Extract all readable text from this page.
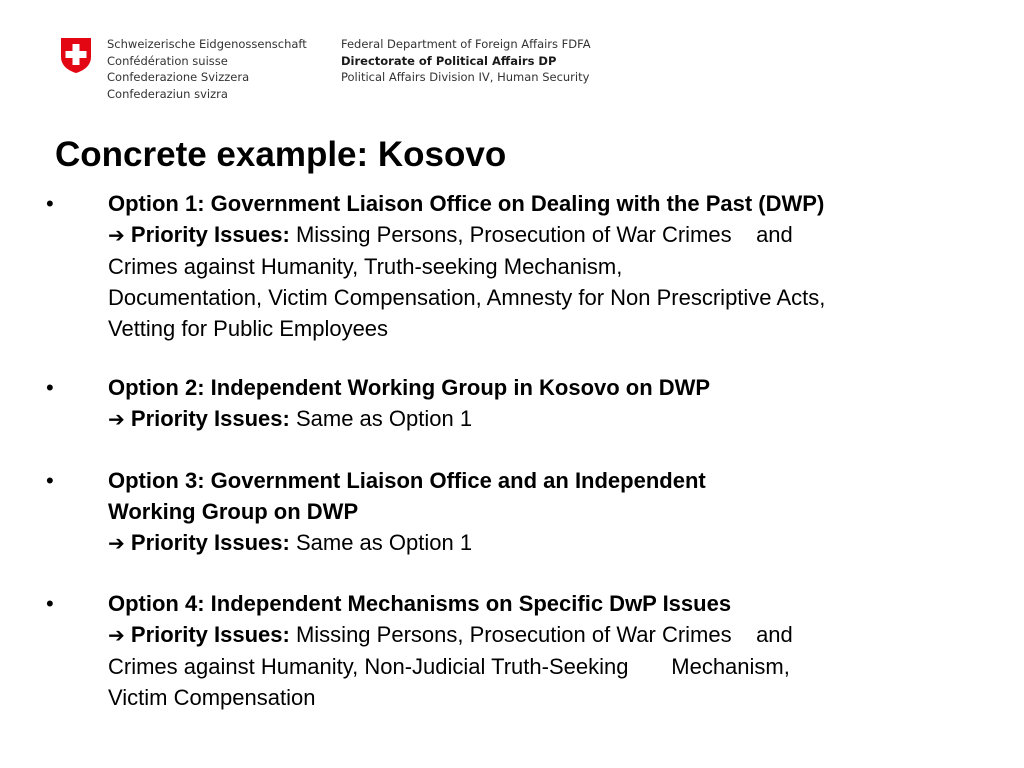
Schweizerische Eidgenossenschaft
Confédération suisse
Confederazione Svizzera
Confederaziun svizra
Federal Department of Foreign Affairs FDFA
Directorate of Political Affairs DP
Political Affairs Division IV, Human Security
Concrete example: Kosovo
• Option 1: Government Liaison Office on Dealing with the Past (DWP)
➔ Priority Issues: Missing Persons, Prosecution of War Crimes    and
Crimes against Humanity, Truth-seeking Mechanism,
Documentation, Victim Compensation, Amnesty for Non Prescriptive Acts,
Vetting for Public Employees
• Option 2: Independent Working Group in Kosovo on DWP
➔ Priority Issues: Same as Option 1
• Option 3: Government Liaison Office and an Independent
Working Group on DWP
➔ Priority Issues: Same as Option 1
• Option 4: Independent Mechanisms on Specific DwP Issues
➔ Priority Issues: Missing Persons, Prosecution of War Crimes    and
Crimes against Humanity, Non-Judicial Truth-Seeking       Mechanism,
Victim Compensation
